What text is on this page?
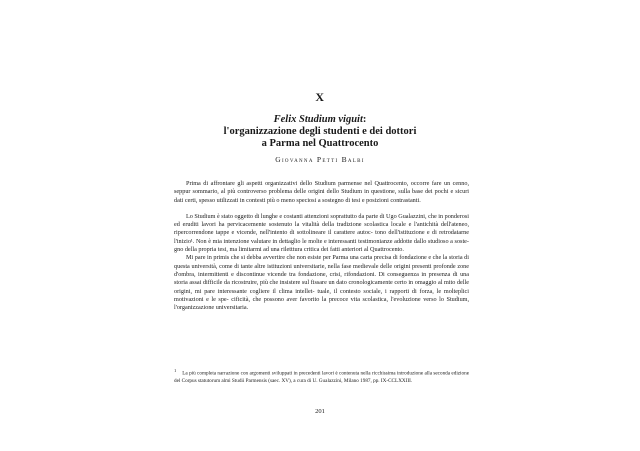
X
Felix Studium viguit:
l'organizzazione degli studenti e dei dottori
a Parma nel Quattrocento
Giovanna Petti Balbi

Prima di affrontare gli aspetti organizzativi dello Studium parmense nel Quattrocento, occorre fare un cenno, seppur sommario, al più controverso problema delle origini dello Studium in questione, sulla base dei pochi e sicuri dati certi, spesso utilizzati in contesti più o meno speciosi a sostegno di tesi e posizioni contrastanti.

Lo Studium è stato oggetto di lunghe e costanti attenzioni soprattutto da parte di Ugo Gualazzini, che in ponderosi ed eruditi lavori ha pervicacemente sostenuto la vitalità della tradizione scolastica locale e l'antichità dell'ateneo, ripercorrendone tappe e vicende, nell'intento di sottolineare il carattere autoc- tono dell'istituzione e di retrodatarne l'inizio¹. Non è mia intenzione valutare in dettaglio le molte e interessanti testimonianze addotte dallo studioso a soste- gno della propria tesi, ma limitarmi ad una riletttura critica dei fatti anteriori al Quattrocento.

Mi pare in primis che si debba avvertire che non esiste per Parma una carta precisa di fondazione e che la storia di questa università, come di tante altre istituzioni universitarie, nella fase medievale delle origini presenti profonde zone d'ombra, intermittenti e discontinue vicende tra fondazione, crisi, rifondazioni. Di conseguenza in presenza di una storia assai difficile da ricostruire, più che insistere sul fissare un dato cronologicamente certo in omaggio al mito delle origini, mi pare interessante cogliere il clima intellet- tuale, il contesto sociale, i rapporti di forza, le molteplici motivazioni e le spe- cificità, che possono aver favorito la precoce vita scolastica, l'evoluzione verso lo Studium, l'organizzazione universitaria.

1La più completa narrazione con argomenti sviluppati in precedenti lavori è contenuta nella ricchissima introduzione alla seconda edizione del Corpus statutorum almi Studii Parmensis (saec. XV), a cura di U. Gualazzini, Milano 1987, pp. IX-CCLXXIII.
201
